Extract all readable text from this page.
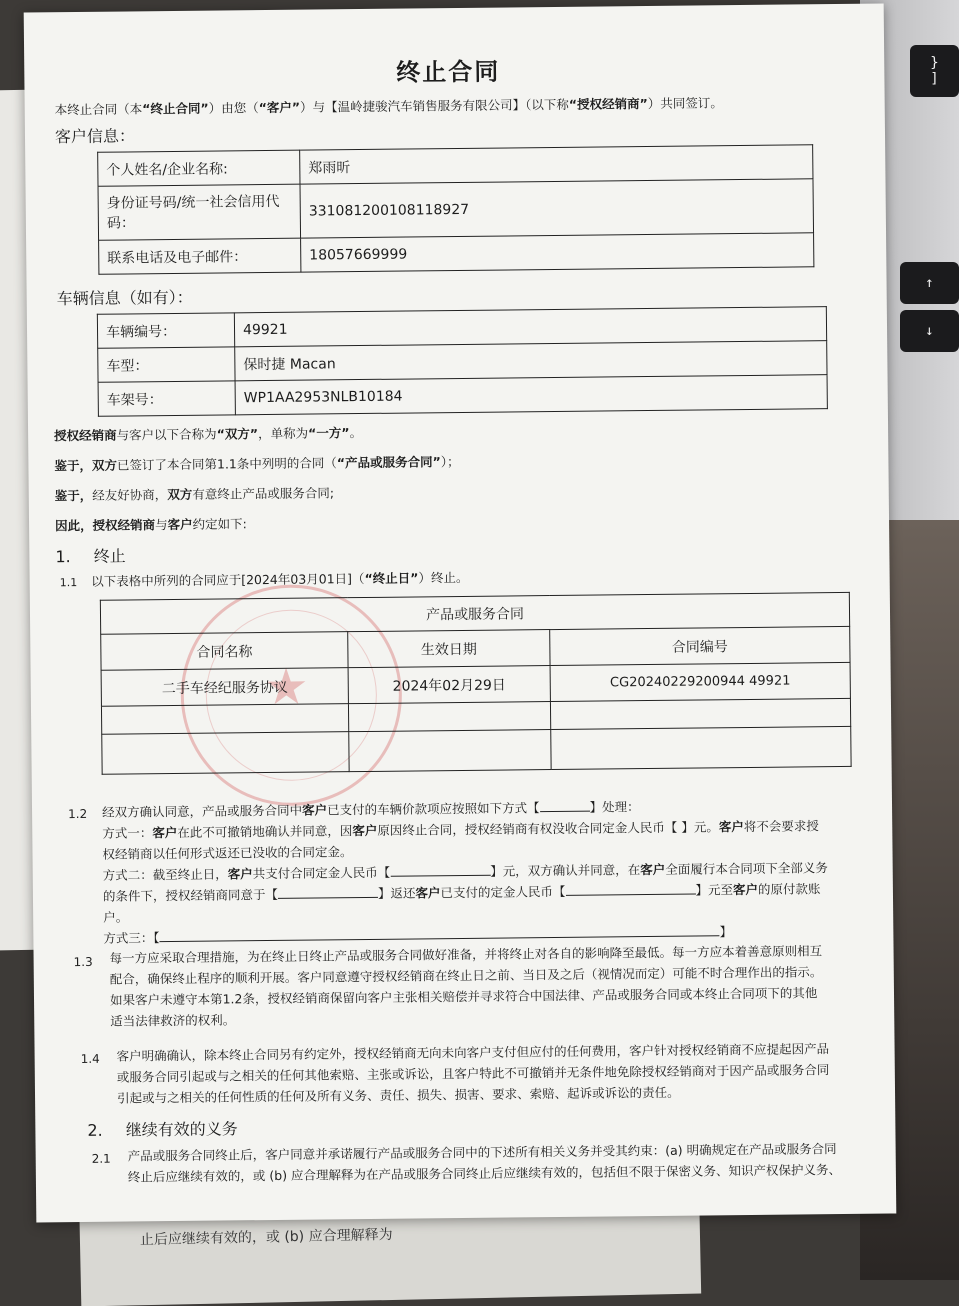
}
]
↑
↓
止后应继续有效的，或 (b) 应合理解释为
★
终止合同
本终止合同（本“终止合同”）由您（“客户”）与【温岭捷骏汽车销售服务有限公司】（以下称“授权经销商”）共同签订。
客户信息：
个人姓名/企业名称:	郑雨昕
身份证号码/统一社会信用代码：	331081200108118927
联系电话及电子邮件：	18057669999
车辆信息（如有）：
车辆编号：	49921
车型：	保时捷 Macan
车架号：	WP1AA2953NLB10184
授权经销商与客户以下合称为“双方”，单称为“一方”。
鉴于，双方已签订了本合同第1.1条中列明的合同（“产品或服务合同”）；
鉴于，经友好协商，双方有意终止产品或服务合同;
因此，授权经销商与客户约定如下:
1. 终止
1.1 以下表格中所列的合同应于[2024年03月01日]（“终止日”）终止。
产品或服务合同		
合同名称	生效日期	合同编号
二手车经纪服务协议	2024年02月29日	CG20240229200944 49921

1.2 经双方确认同意，产品或服务合同中客户已支付的车辆价款项应按照如下方式【	】处理：
方式一：客户在此不可撤销地确认并同意，因客户原因终止合同，授权经销商有权没收合同定金人民币【 】元。客户将不会要求授
权经销商以任何形式返还已没收的合同定金。
方式二：截至终止日，客户共支付合同定金人民币【	】元，双方确认并同意，在客户全面履行本合同项下全部义务
的条件下，授权经销商同意于【	】返还客户已支付的定金人民币【	】元至客户的原付款账
户。
方式三：【	】
1.3 每一方应采取合理措施，为在终止日终止产品或服务合同做好准备，并将终止对各自的影响降至最低。每一方应本着善意原则相互
配合，确保终止程序的顺利开展。客户同意遵守授权经销商在终止日之前、当日及之后（视情况而定）可能不时合理作出的指示。
如果客户未遵守本第1.2条，授权经销商保留向客户主张相关赔偿并寻求符合中国法律、产品或服务合同或本终止合同项下的其他
适当法律救济的权利。
1.4 客户明确确认，除本终止合同另有约定外，授权经销商无向未向客户支付但应付的任何费用，客户针对授权经销商不应提起因产品
或服务合同引起或与之相关的任何其他索赔、主张或诉讼，且客户特此不可撤销并无条件地免除授权经销商对于因产品或服务合同
引起或与之相关的任何性质的任何及所有义务、责任、损失、损害、要求、索赔、起诉或诉讼的责任。
2. 继续有效的义务
2.1 产品或服务合同终止后，客户同意并承诺履行产品或服务合同中的下述所有相关义务并受其约束：(a) 明确规定在产品或服务合同
终止后应继续有效的，或 (b) 应合理解释为在产品或服务合同终止后应继续有效的，包括但不限于保密义务、知识产权保护义务、
